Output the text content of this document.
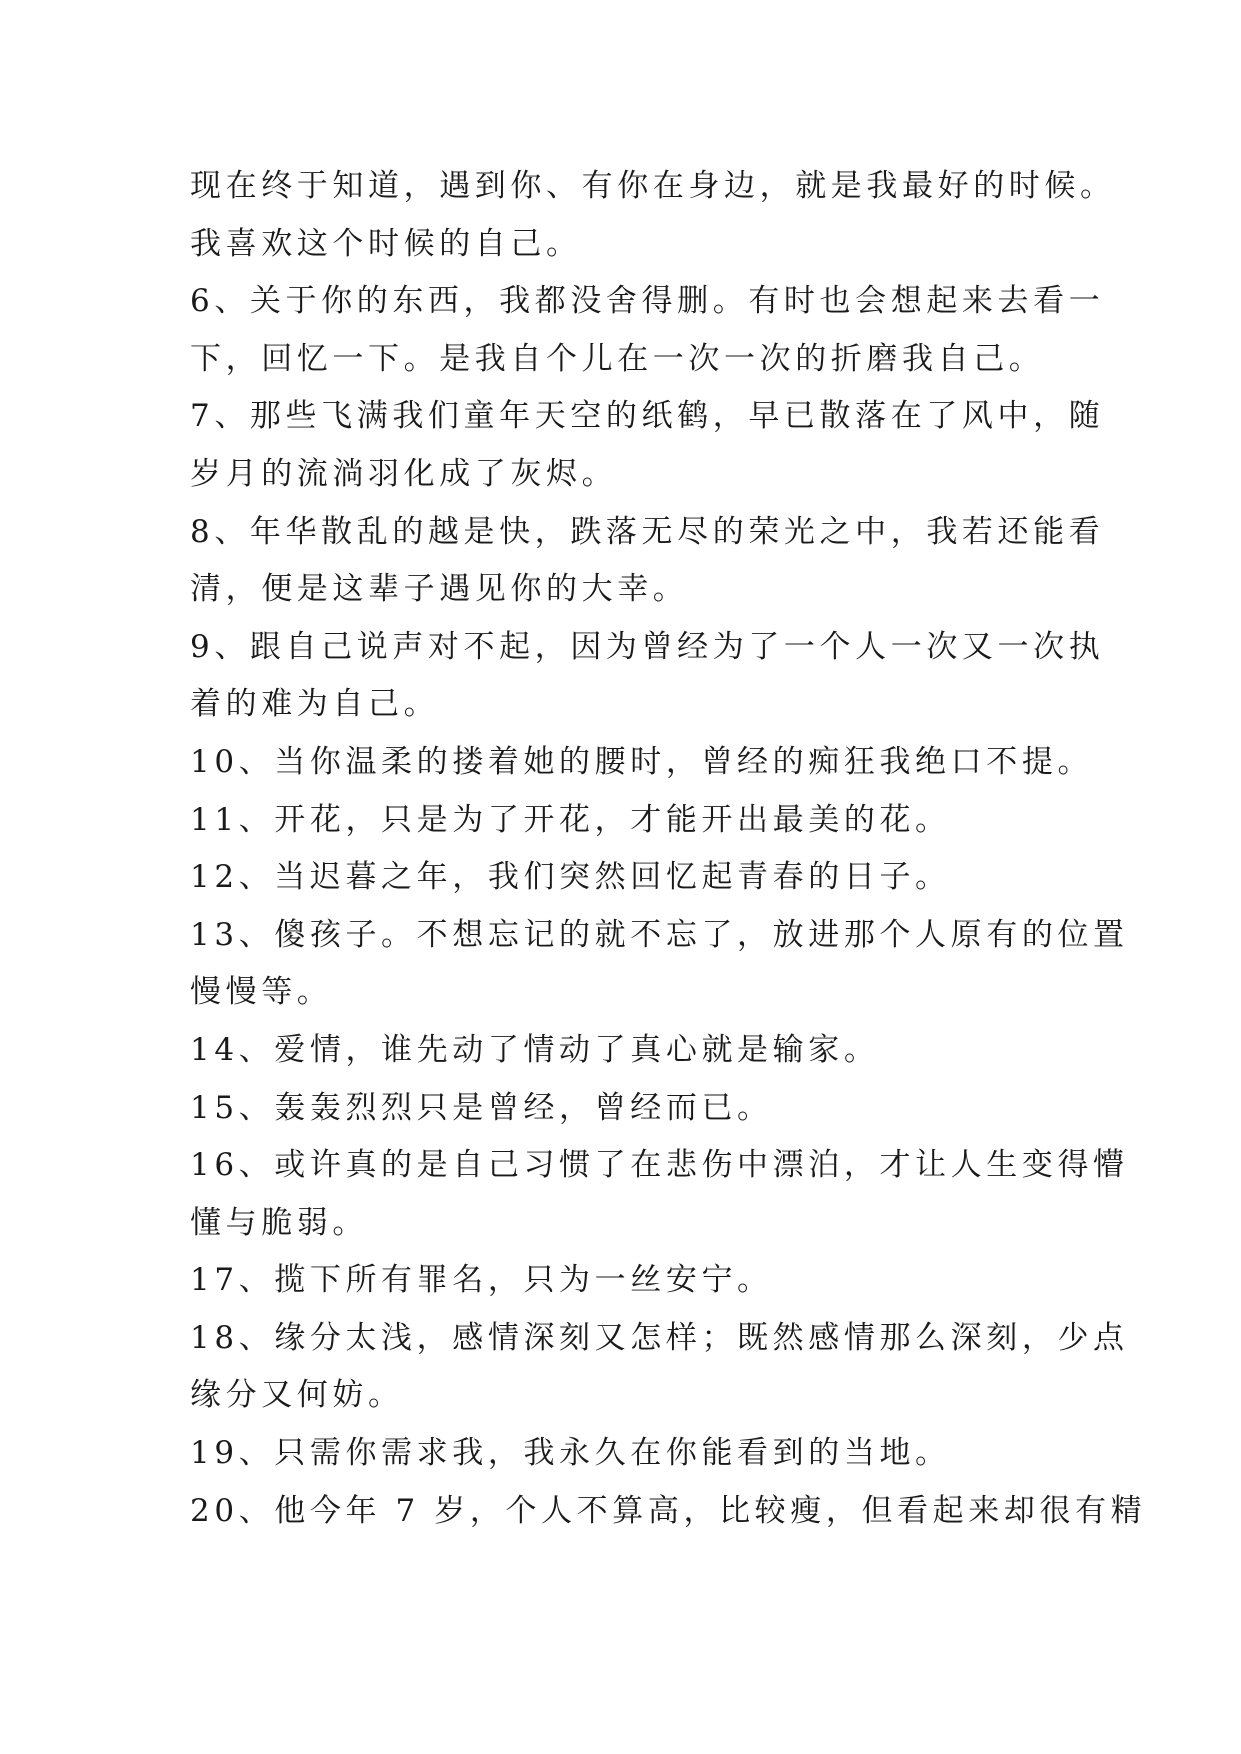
现在终于知道，遇到你、有你在身边，就是我最好的时候。
我喜欢这个时候的自己。
6、关于你的东西，我都没舍得删。有时也会想起来去看一
下，回忆一下。是我自个儿在一次一次的折磨我自己。
7、那些飞满我们童年天空的纸鹤，早已散落在了风中，随
岁月的流淌羽化成了灰烬。
8、年华散乱的越是快，跌落无尽的荣光之中，我若还能看
清，便是这辈子遇见你的大幸。
9、跟自己说声对不起，因为曾经为了一个人一次又一次执
着的难为自己。
10、当你温柔的搂着她的腰时，曾经的痴狂我绝口不提。
11、开花，只是为了开花，才能开出最美的花。
12、当迟暮之年，我们突然回忆起青春的日子。
13、傻孩子。不想忘记的就不忘了，放进那个人原有的位置
慢慢等。
14、爱情，谁先动了情动了真心就是输家。
15、轰轰烈烈只是曾经，曾经而已。
16、或许真的是自己习惯了在悲伤中漂泊，才让人生变得懵
懂与脆弱。
17、揽下所有罪名，只为一丝安宁。
18、缘分太浅，感情深刻又怎样；既然感情那么深刻，少点
缘分又何妨。
19、只需你需求我，我永久在你能看到的当地。
20、他今年 7 岁，个人不算高，比较瘦，但看起来却很有精
